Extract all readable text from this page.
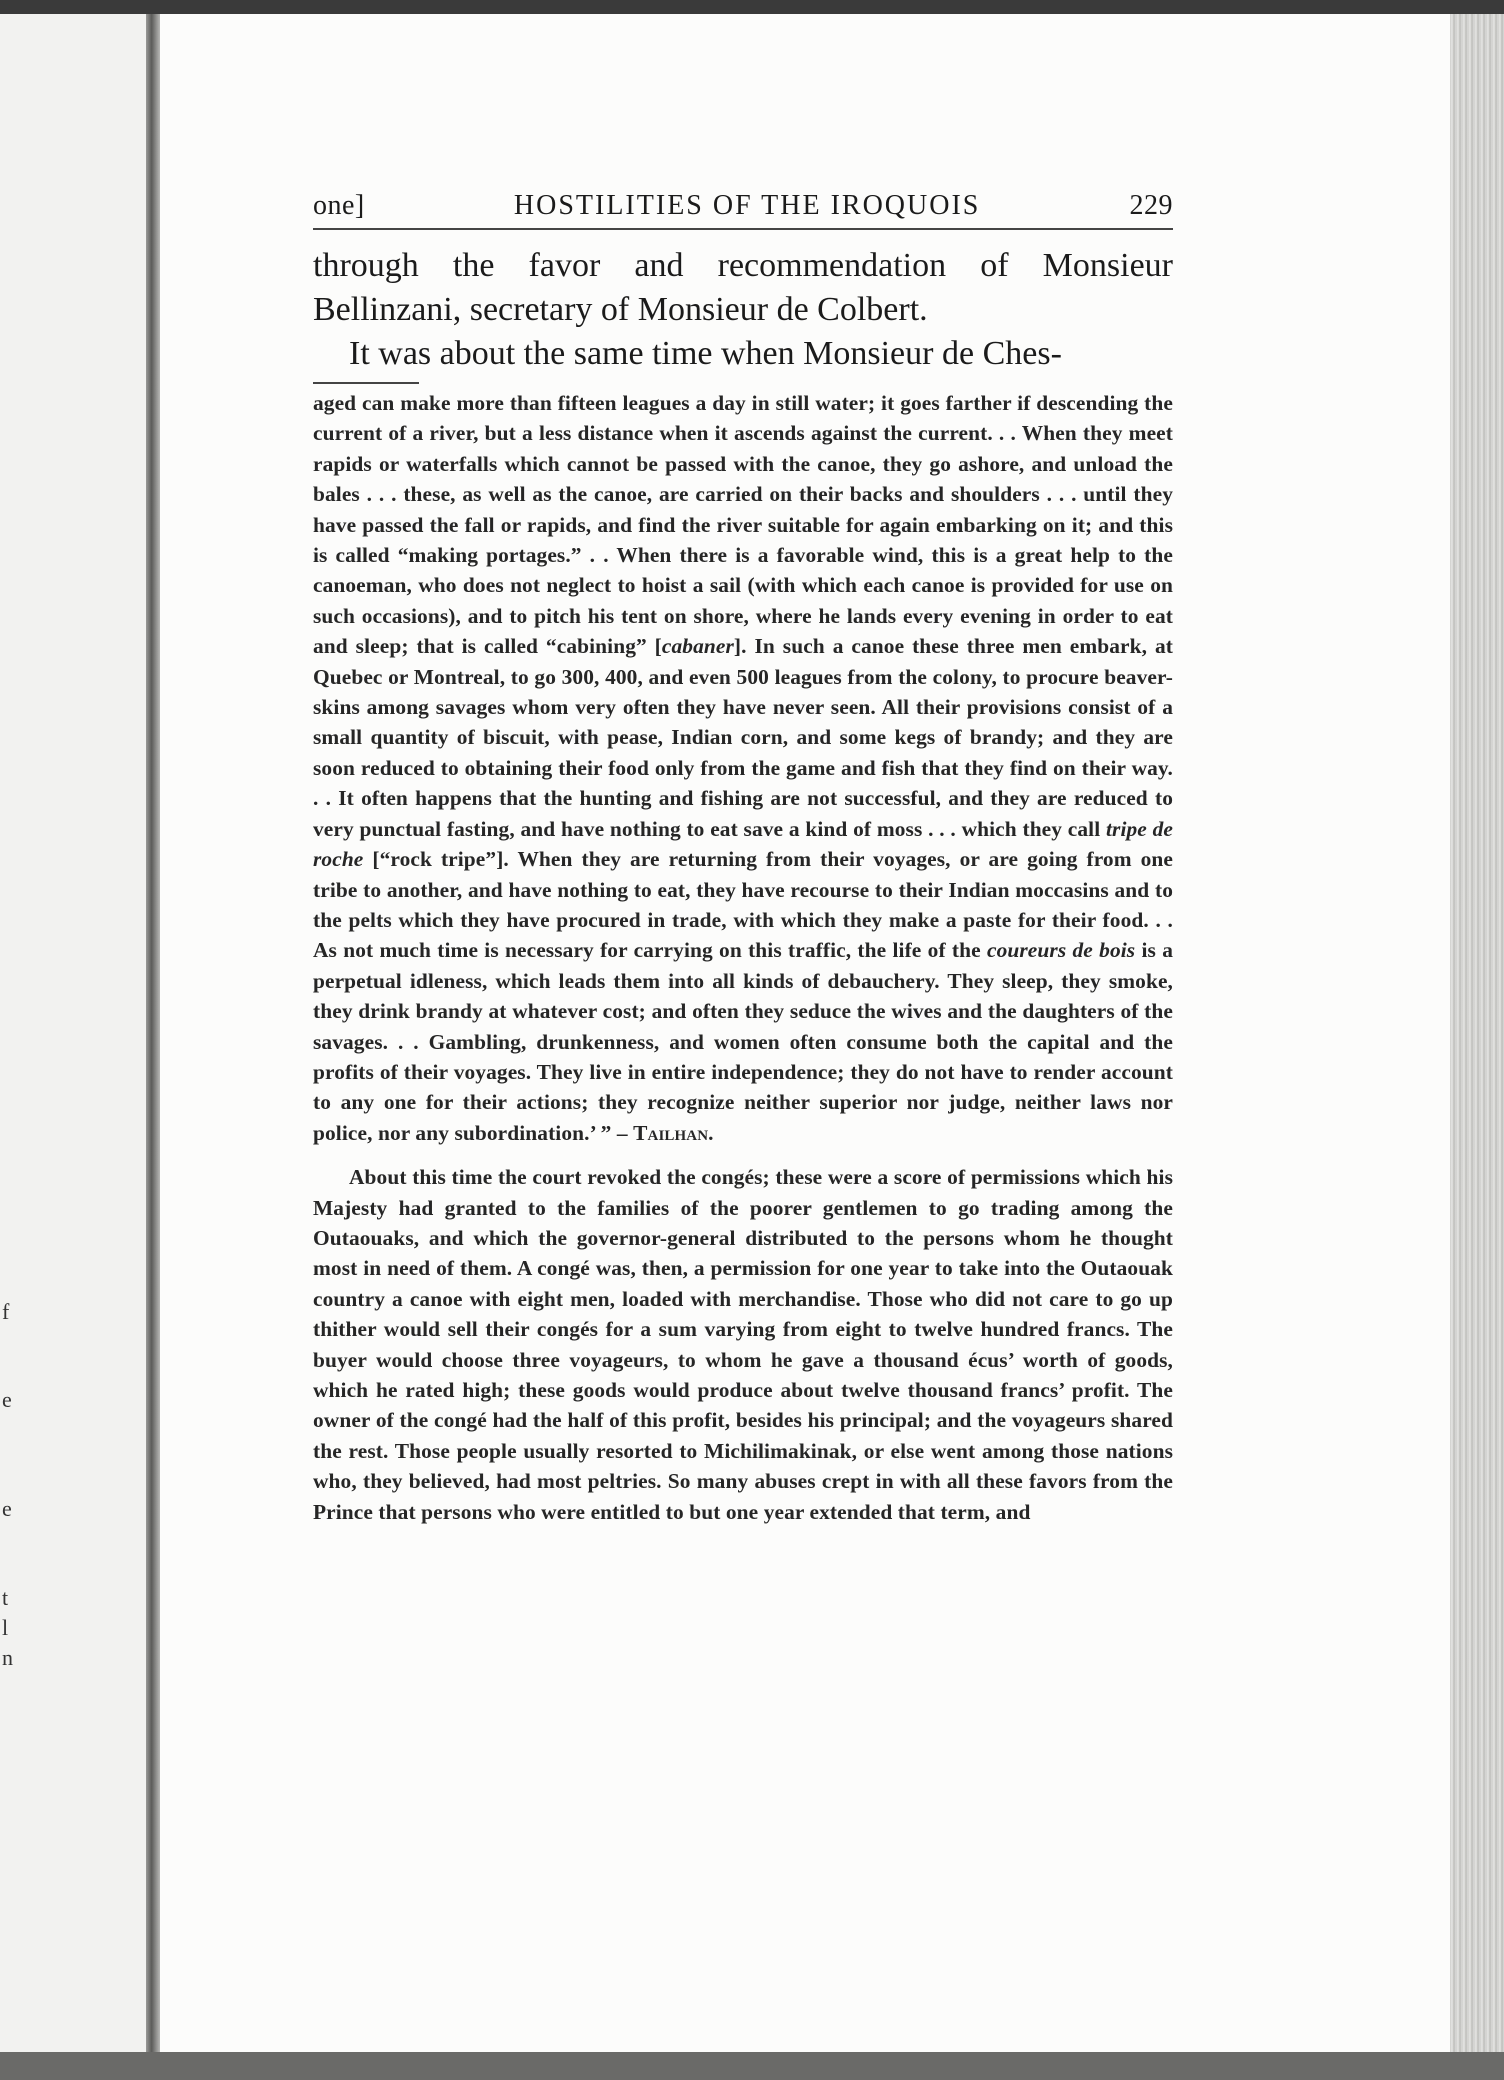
f
e
e
t
l
n
one]	HOSTILITIES OF THE IROQUOIS	229

through the favor and recommendation of Monsieur Bellinzani, secretary of Monsieur de Colbert.

It was about the same time when Monsieur de Ches-

aged can make more than fifteen leagues a day in still water; it goes farther if descending the current of a river, but a less distance when it ascends against the current. . . When they meet rapids or waterfalls which cannot be passed with the canoe, they go ashore, and unload the bales . . . these, as well as the canoe, are carried on their backs and shoulders . . . until they have passed the fall or rapids, and find the river suitable for again embarking on it; and this is called “making portages.” . . When there is a favorable wind, this is a great help to the canoeman, who does not neglect to hoist a sail (with which each canoe is provided for use on such occasions), and to pitch his tent on shore, where he lands every evening in order to eat and sleep; that is called “cabining” [cabaner]. In such a canoe these three men embark, at Quebec or Montreal, to go 300, 400, and even 500 leagues from the colony, to procure beaver-skins among savages whom very often they have never seen. All their provisions consist of a small quantity of biscuit, with pease, Indian corn, and some kegs of brandy; and they are soon reduced to obtaining their food only from the game and fish that they find on their way. . . It often happens that the hunting and fishing are not successful, and they are reduced to very punctual fasting, and have nothing to eat save a kind of moss . . . which they call tripe de roche [“rock tripe”]. When they are returning from their voyages, or are going from one tribe to another, and have nothing to eat, they have recourse to their Indian moccasins and to the pelts which they have procured in trade, with which they make a paste for their food. . . As not much time is necessary for carrying on this traffic, the life of the coureurs de bois is a perpetual idleness, which leads them into all kinds of debauchery. They sleep, they smoke, they drink brandy at whatever cost; and often they seduce the wives and the daughters of the savages. . . Gambling, drunkenness, and women often consume both the capital and the profits of their voyages. They live in entire independence; they do not have to render account to any one for their actions; they recognize neither superior nor judge, neither laws nor police, nor any subordination.’ ” – Tailhan.

About this time the court revoked the congés; these were a score of permissions which his Majesty had granted to the families of the poorer gentlemen to go trading among the Outaouaks, and which the governor-general distributed to the persons whom he thought most in need of them. A congé was, then, a permission for one year to take into the Outaouak country a canoe with eight men, loaded with merchandise. Those who did not care to go up thither would sell their congés for a sum varying from eight to twelve hundred francs. The buyer would choose three voyageurs, to whom he gave a thousand écus’ worth of goods, which he rated high; these goods would produce about twelve thousand francs’ profit. The owner of the congé had the half of this profit, besides his principal; and the voyageurs shared the rest. Those people usually resorted to Michilimakinak, or else went among those nations who, they believed, had most peltries. So many abuses crept in with all these favors from the Prince that persons who were entitled to but one year extended that term, and
